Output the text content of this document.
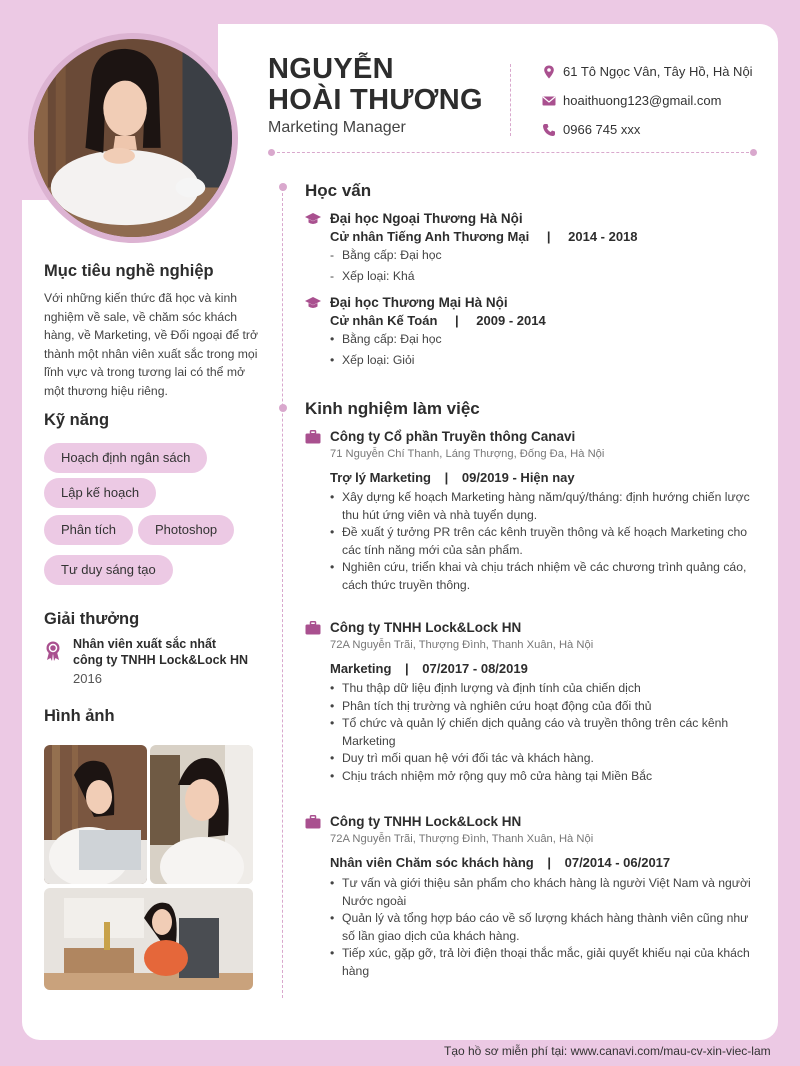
NGUYỄN
HOÀI THƯƠNG
Marketing Manager
61 Tô Ngọc Vân, Tây Hồ, Hà Nội
hoaithuong123@gmail.com
0966 745 xxx
Mục tiêu nghề nghiệp
Với những kiến thức đã học và kinh nghiệm về sale, về chăm sóc khách hàng, về Marketing, về Đối ngoại để trở thành một nhân viên xuất sắc trong mọi lĩnh vực và trong tương lai có thể mở một thương hiệu riêng.
Kỹ năng
Hoạch định ngân sách
Lập kế hoạch
Phân tích	Photoshop
Tư duy sáng tạo
Giải thưởng
Nhân viên xuất sắc nhất
công ty TNHH Lock&Lock HN
2016
Hình ảnh
Học vấn
Đại học Ngoại Thương Hà Nội
Cử nhân Tiếng Anh Thương Mại | 2014 - 2018
- Bằng cấp: Đại học
- Xếp loại: Khá
Đại học Thương Mại Hà Nội
Cử nhân Kế Toán | 2009 - 2014
• Bằng cấp: Đại học
• Xếp loại: Giỏi
Kinh nghiệm làm việc
Công ty Cổ phần Truyền thông Canavi
71 Nguyễn Chí Thanh, Láng Thượng, Đống Đa, Hà Nội
Trợ lý Marketing | 09/2019 - Hiện nay
• Xây dựng kế hoạch Marketing hàng năm/quý/tháng: định hướng chiến lược thu hút ứng viên và nhà tuyển dụng.
• Đề xuất ý tưởng PR trên các kênh truyền thông và kế hoạch Marketing cho các tính năng mới của sản phẩm.
• Nghiên cứu, triển khai và chịu trách nhiệm về các chương trình quảng cáo, cách thức truyền thông.
Công ty TNHH Lock&Lock HN
72A Nguyễn Trãi, Thượng Đình, Thanh Xuân, Hà Nội
Marketing | 07/2017 - 08/2019
• Thu thập dữ liệu định lượng và định tính của chiến dịch
• Phân tích thị trường và nghiên cứu hoạt động của đối thủ
• Tổ chức và quản lý chiến dịch quảng cáo và truyền thông trên các kênh Marketing
• Duy trì mối quan hệ với đối tác và khách hàng.
• Chịu trách nhiệm mở rộng quy mô cửa hàng tại Miền Bắc
Công ty TNHH Lock&Lock HN
72A Nguyễn Trãi, Thượng Đình, Thanh Xuân, Hà Nội
Nhân viên Chăm sóc khách hàng | 07/2014 - 06/2017
• Tư vấn và giới thiệu sản phẩm cho khách hàng là người Việt Nam và người Nước ngoài
• Quản lý và tổng hợp báo cáo về số lượng khách hàng thành viên cũng như số lần giao dịch của khách hàng.
• Tiếp xúc, gặp gỡ, trả lời điện thoại thắc mắc, giải quyết khiếu nại của khách hàng
Tạo hồ sơ miễn phí tại: www.canavi.com/mau-cv-xin-viec-lam
